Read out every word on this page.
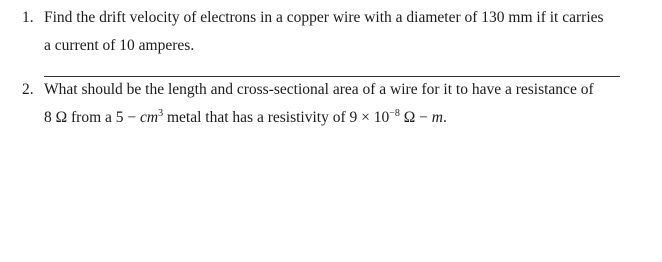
1. Find the drift velocity of electrons in a copper wire with a diameter of 130 mm if it carries
a current of 10 amperes.
2. What should be the length and cross-sectional area of a wire for it to have a resistance of
8 Ω from a $5 - cm^3$ metal that has a resistivity of $9 \times 10^{-8}$ Ω − m.
